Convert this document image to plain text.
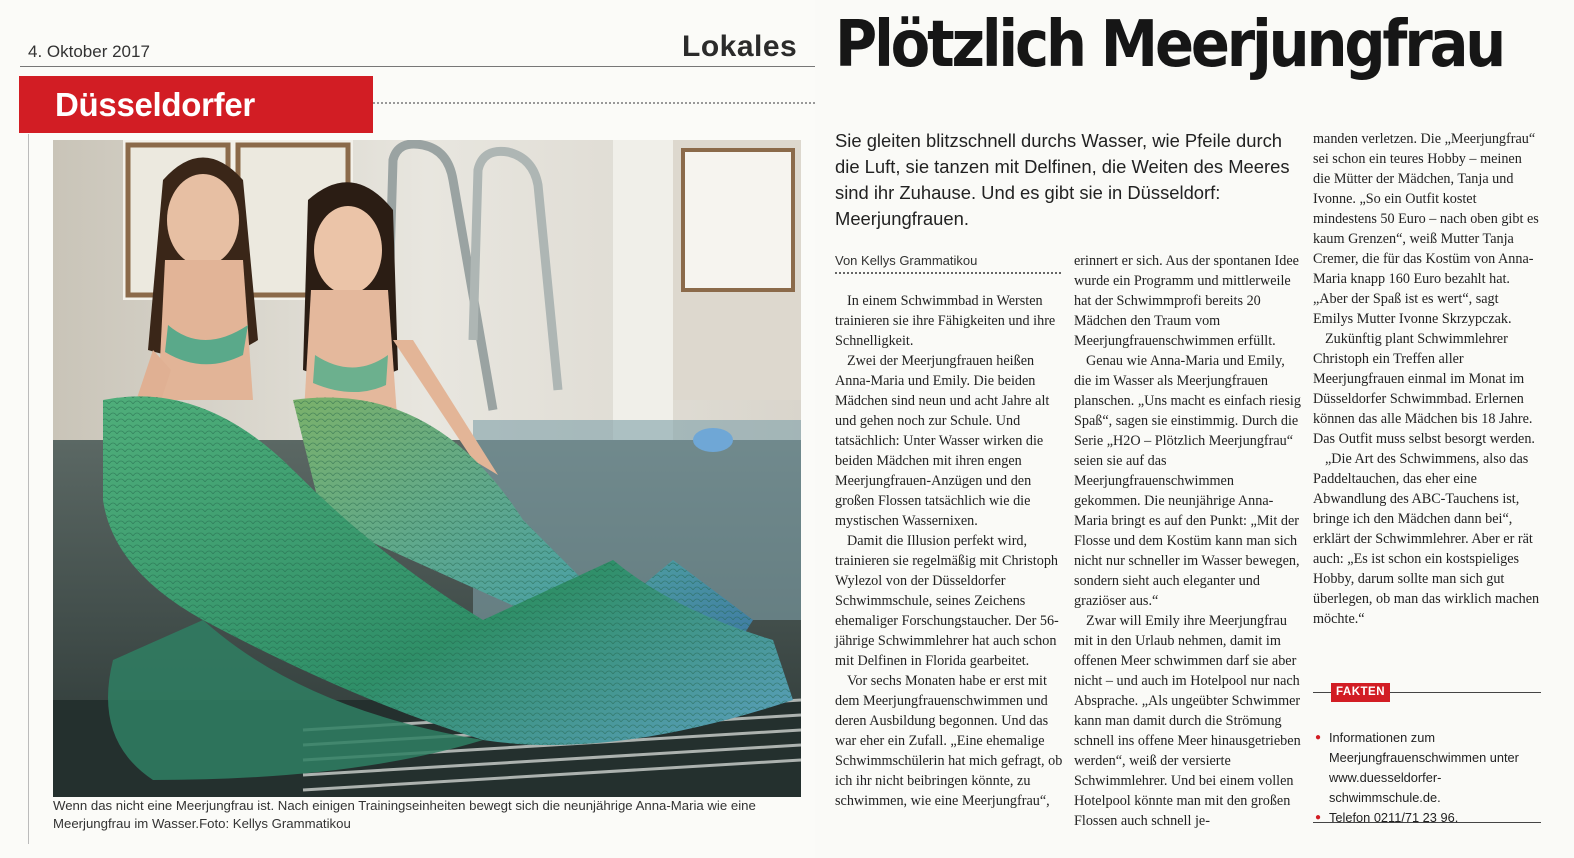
4. Oktober 2017	Lokales
Düsseldorfer
Wenn das nicht eine Meerjungfrau ist. Nach einigen Trainingseinheiten bewegt sich die neunjährige Anna-Maria wie eine Meerjungfrau im Wasser.Foto: Kellys Grammatikou
Plötzlich Meerjungfrau
Sie gleiten blitzschnell durchs Wasser, wie Pfeile durch die Luft, sie tanzen mit Delfinen, die Weiten des Meeres sind ihr Zuhause. Und es gibt sie in Düsseldorf: Meerjungfrauen.
Von Kellys Grammatikou

In einem Schwimmbad in Wersten trainieren sie ihre Fähigkeiten und ihre Schnelligkeit.

Zwei der Meerjungfrauen heißen Anna-Maria und Emily. Die beiden Mädchen sind neun und acht Jahre alt und gehen noch zur Schule. Und tatsächlich: Unter Wasser wirken die beiden Mädchen mit ihren engen Meerjungfrauen-Anzügen und den großen Flossen tatsächlich wie die mystischen Wassernixen.

Damit die Illusion perfekt wird, trainieren sie regelmäßig mit Christoph Wylezol von der Düsseldorfer Schwimmschule, seines Zeichens ehemaliger Forschungstaucher. Der 56-jährige Schwimmlehrer hat auch schon mit Delfinen in Florida gearbeitet.

Vor sechs Monaten habe er erst mit dem Meerjungfrauenschwimmen und deren Ausbildung begonnen. Und das war eher ein Zufall. „Eine ehemalige Schwimmschülerin hat mich gefragt, ob ich ihr nicht beibringen könnte, zu schwimmen, wie eine Meerjungfrau“,

erinnert er sich. Aus der spontanen Idee wurde ein Programm und mittlerweile hat der Schwimmprofi bereits 20 Mädchen den Traum vom Meerjungfrauenschwimmen erfüllt.

Genau wie Anna-Maria und Emily, die im Wasser als Meerjungfrauen planschen. „Uns macht es einfach riesig Spaß“, sagen sie einstimmig. Durch die Serie „H2O – Plötzlich Meerjungfrau“ seien sie auf das Meerjungfrauenschwimmen gekommen. Die neunjährige Anna-Maria bringt es auf den Punkt: „Mit der Flosse und dem Kostüm kann man sich nicht nur schneller im Wasser bewegen, sondern sieht auch eleganter und graziöser aus.“

Zwar will Emily ihre Meerjungfrau mit in den Urlaub nehmen, damit im offenen Meer schwimmen darf sie aber nicht – und auch im Hotelpool nur nach Absprache. „Als ungeübter Schwimmer kann man damit durch die Strömung schnell ins offene Meer hinausgetrieben werden“, weiß der versierte Schwimmlehrer. Und bei einem vollen Hotelpool könnte man mit den großen Flossen auch schnell je-

manden verletzen. Die „Meerjungfrau“ sei schon ein teures Hobby – meinen die Mütter der Mädchen, Tanja und Ivonne. „So ein Outfit kostet mindestens 50 Euro – nach oben gibt es kaum Grenzen“, weiß Mutter Tanja Cremer, die für das Kostüm von Anna-Maria knapp 160 Euro bezahlt hat. „Aber der Spaß ist es wert“, sagt Emilys Mutter Ivonne Skrzypczak.

Zukünftig plant Schwimmlehrer Christoph ein Treffen aller Meerjungfrauen einmal im Monat im Düsseldorfer Schwimmbad. Erlernen können das alle Mädchen bis 18 Jahre. Das Outfit muss selbst besorgt werden.

„Die Art des Schwimmens, also das Paddeltauchen, das eher eine Abwandlung des ABC-Tauchens ist, bringe ich den Mädchen dann bei“, erklärt der Schwimmlehrer. Aber er rät auch: „Es ist schon ein kostspieliges Hobby, darum sollte man sich gut überlegen, ob man das wirklich machen möchte.“

FAKTEN
● Informationen zum Meerjungfrauenschwimmen unter www.duesseldorfer-schwimmschule.de.
● Telefon 0211/71 23 96.
